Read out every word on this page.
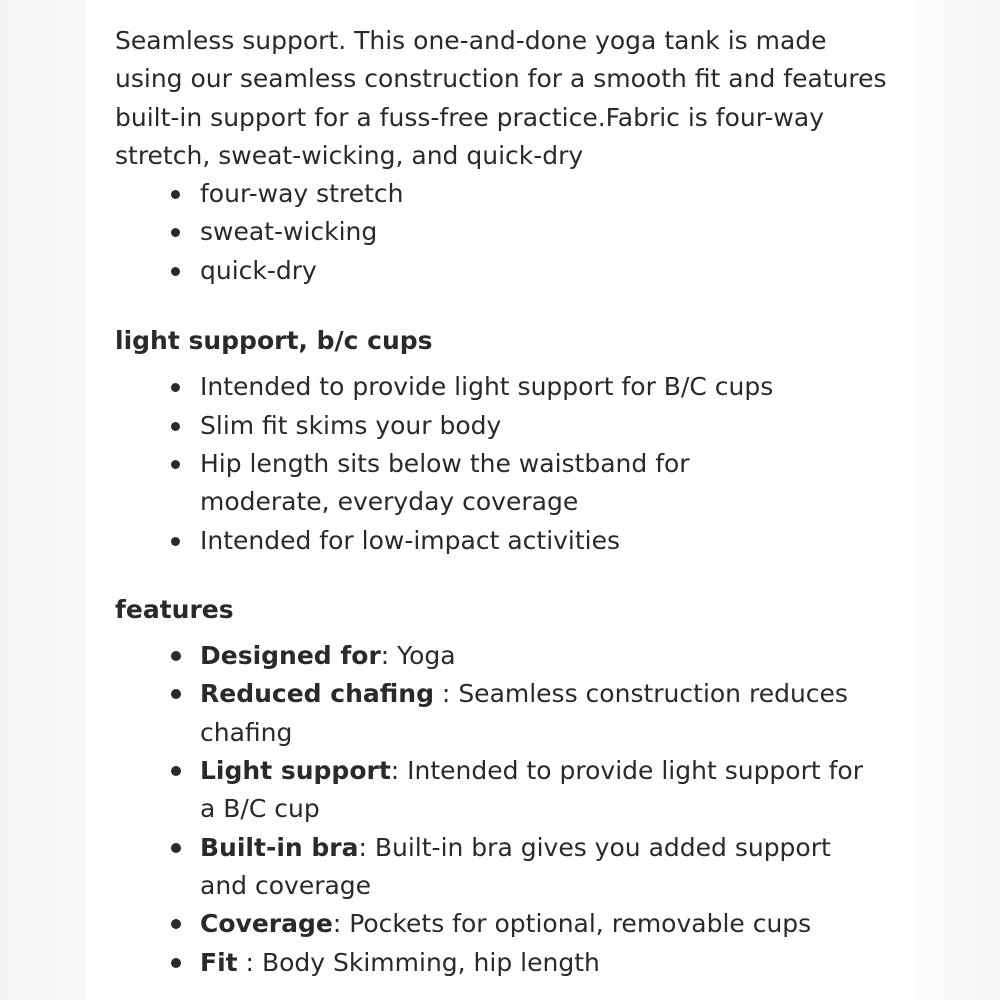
Seamless support. This one-and-done yoga tank is made using our seamless construction for a smooth fit and features built-in support for a fuss-free practice.Fabric is four-way stretch, sweat-wicking, and quick-dry

four-way stretch
sweat-wicking
quick-dry
light support, b/c cups
Intended to provide light support for B/C cups
Slim fit skims your body
Hip length sits below the waistband for moderate, everyday coverage
Intended for low-impact activities
features
Designed for: Yoga
Reduced chafing : Seamless construction reduces chafing
Light support: Intended to provide light support for a B/C cup
Built-in bra: Built-in bra gives you added support and coverage
Coverage: Pockets for optional, removable cups
Fit : Body Skimming, hip length
